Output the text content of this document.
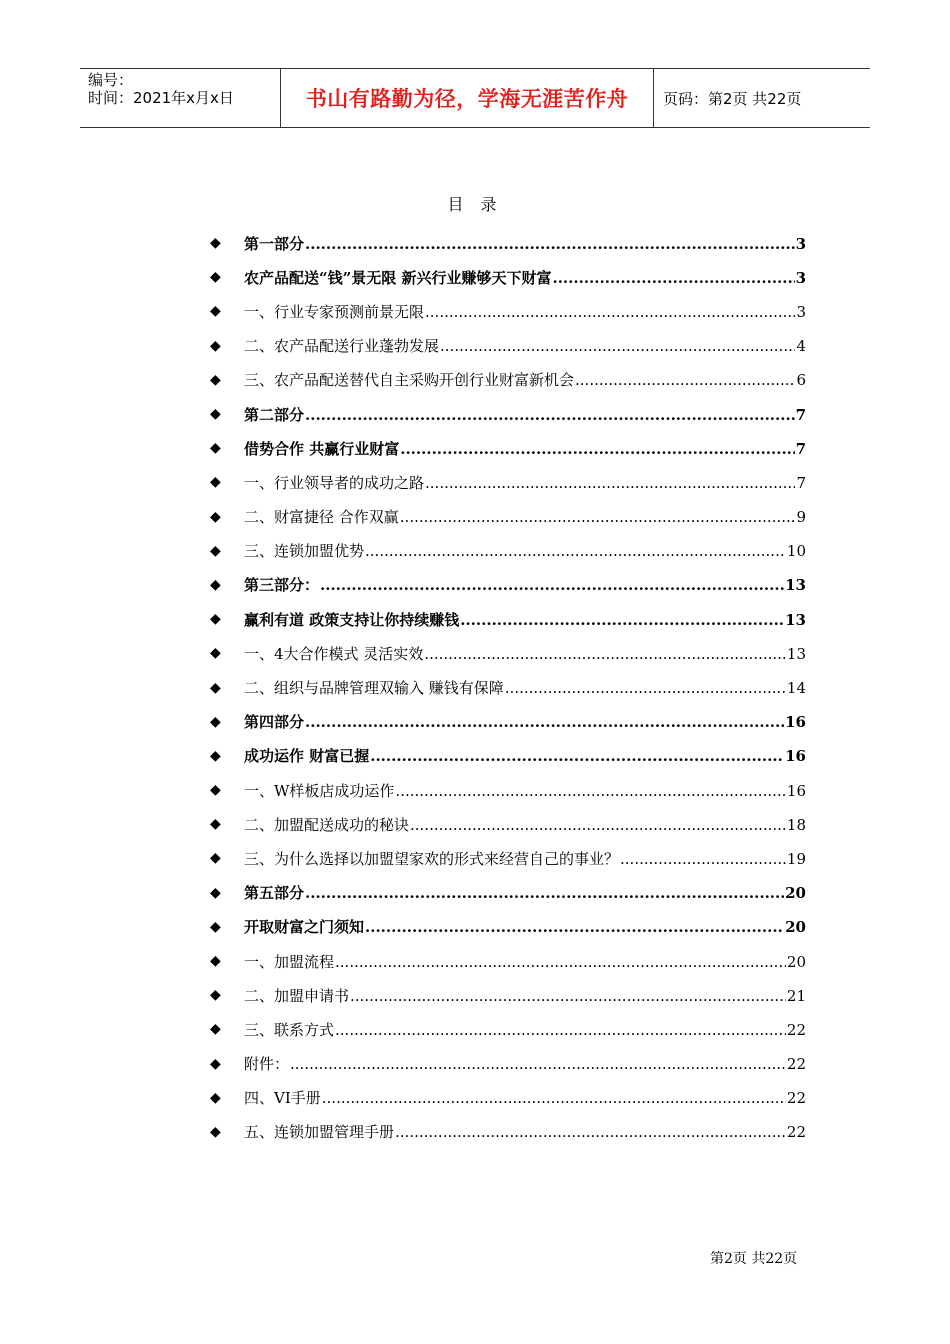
编号：
时间：2021年x月x日	书山有路勤为径，学海无涯苦作舟	页码：第2页 共22页
目 录
◆	第一部分 .....	3
◆	农产品配送“钱”景无限 新兴行业赚够天下财富 .....	3
◆	一、行业专家预测前景无限 .....	3
◆	二、农产品配送行业蓬勃发展 .....	4
◆	三、农产品配送替代自主采购开创行业财富新机会 .....	6
◆	第二部分 .....	7
◆	借势合作 共赢行业财富 .....	7
◆	一、行业领导者的成功之路 .....	7
◆	二、财富捷径 合作双赢 .....	9
◆	三、连锁加盟优势 .....	10
◆	第三部分： .....	13
◆	赢利有道 政策支持让你持续赚钱 .....	13
◆	一、4大合作模式 灵活实效 .....	13
◆	二、组织与品牌管理双输入 赚钱有保障 .....	14
◆	第四部分 .....	16
◆	成功运作 财富已握 .....	16
◆	一、W样板店成功运作 .....	16
◆	二、加盟配送成功的秘诀 .....	18
◆	三、为什么选择以加盟望家欢的形式来经营自己的事业？ .....	19
◆	第五部分 .....	20
◆	开取财富之门须知 .....	20
◆	一、加盟流程 .....	20
◆	二、加盟申请书 .....	21
◆	三、联系方式 .....	22
◆	附件： .....	22
◆	四、VI手册 .....	22
◆	五、连锁加盟管理手册 .....	22
第2页 共22页
